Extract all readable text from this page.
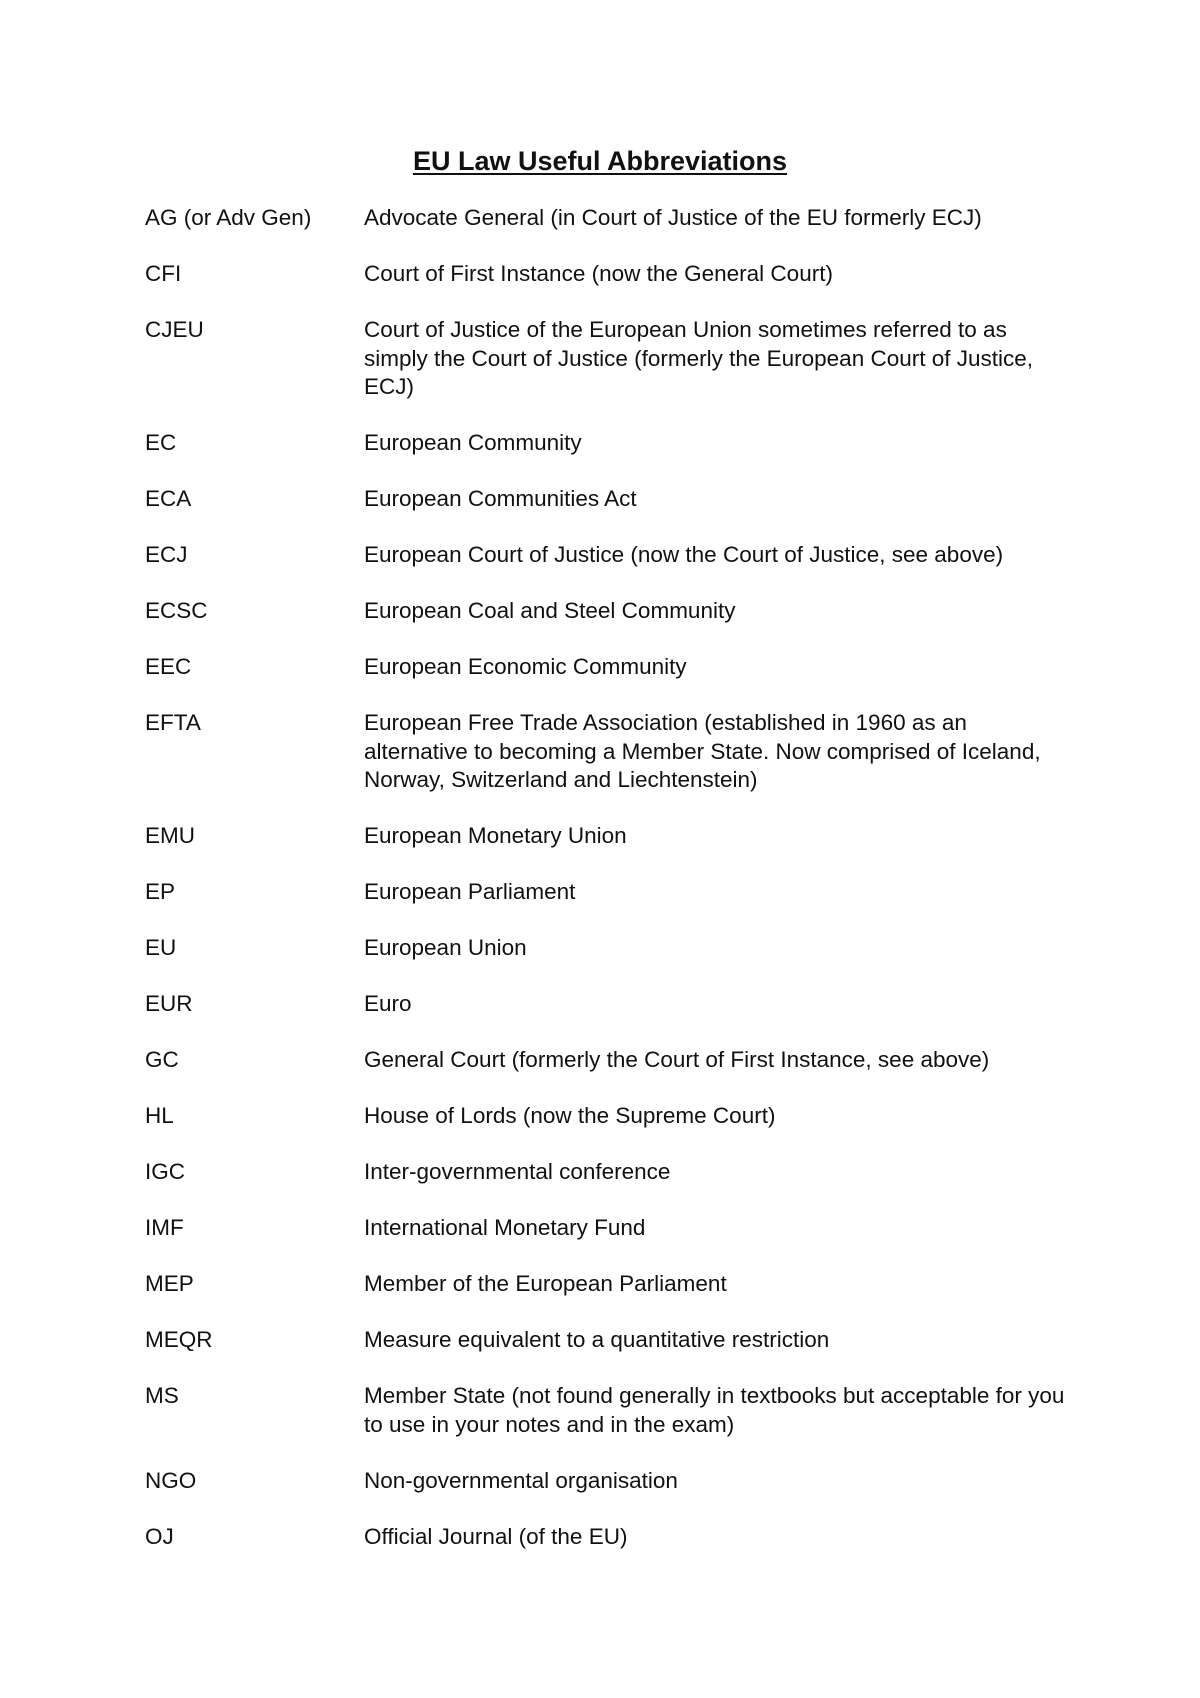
EU Law Useful Abbreviations
AG (or Adv Gen)	Advocate General (in Court of Justice of the EU formerly ECJ)
CFI	Court of First Instance (now the General Court)
CJEU	Court of Justice of the European Union sometimes referred to as simply the Court of Justice (formerly the European Court of Justice, ECJ)
EC	European Community
ECA	European Communities Act
ECJ	European Court of Justice (now the Court of Justice, see above)
ECSC	European Coal and Steel Community
EEC	European Economic Community
EFTA	European Free Trade Association (established in 1960 as an alternative to becoming a Member State. Now comprised of Iceland, Norway, Switzerland and Liechtenstein)
EMU	European Monetary Union
EP	European Parliament
EU	European Union
EUR	Euro
GC	General Court (formerly the Court of First Instance, see above)
HL	House of Lords (now the Supreme Court)
IGC	Inter-governmental conference
IMF	International Monetary Fund
MEP	Member of the European Parliament
MEQR	Measure equivalent to a quantitative restriction
MS	Member State (not found generally in textbooks but acceptable for you to use in your notes and in the exam)
NGO	Non-governmental organisation
OJ	Official Journal (of the EU)
